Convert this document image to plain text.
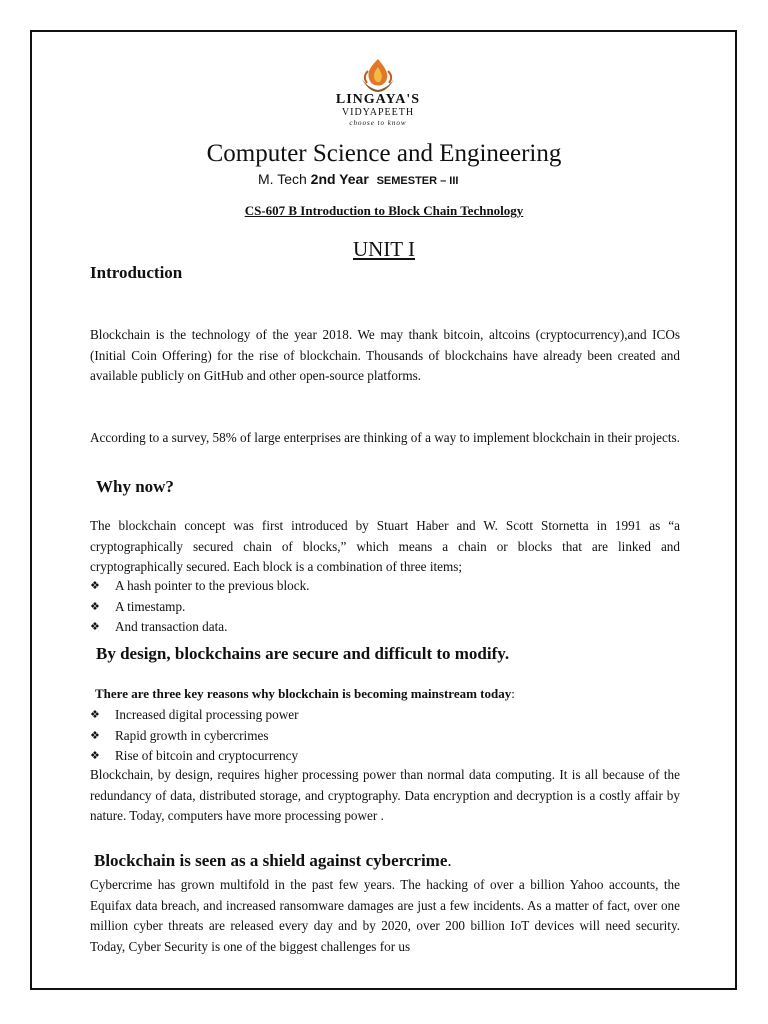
LINGAYA'S
VIDYAPEETH
choose to know
Computer Science and Engineering
M. Tech 2nd Year SEMESTER – III
CS-607 B Introduction to Block Chain Technology
UNIT I
Introduction

Blockchain is the technology of the year 2018. We may thank bitcoin, altcoins (cryptocurrency),and ICOs (Initial Coin Offering) for the rise of blockchain. Thousands of blockchains have already been created and available publicly on GitHub and other open-source platforms.

According to a survey, 58% of large enterprises are thinking of a way to implement blockchain in their projects.

Why now?

The blockchain concept was first introduced by Stuart Haber and W. Scott Stornetta in 1991 as “a cryptographically secured chain of blocks,” which means a chain or blocks that are linked and cryptographically secured. Each block is a combination of three items;

❖	A hash pointer to the previous block.
❖	A timestamp.
❖	And transaction data.
By design, blockchains are secure and difficult to modify.
There are three key reasons why blockchain is becoming mainstream today:
❖	Increased digital processing power
❖	Rapid growth in cybercrimes
❖	Rise of bitcoin and cryptocurrency

Blockchain, by design, requires higher processing power than normal data computing. It is all because of the redundancy of data, distributed storage, and cryptography. Data encryption and decryption is a costly affair by nature. Today, computers have more processing power .

Blockchain is seen as a shield against cybercrime.

Cybercrime has grown multifold in the past few years. The hacking of over a billion Yahoo accounts, the Equifax data breach, and increased ransomware damages are just a few incidents. As a matter of fact, over one million cyber threats are released every day and by 2020, over 200 billion IoT devices will need security. Today, Cyber Security is one of the biggest challenges for us
